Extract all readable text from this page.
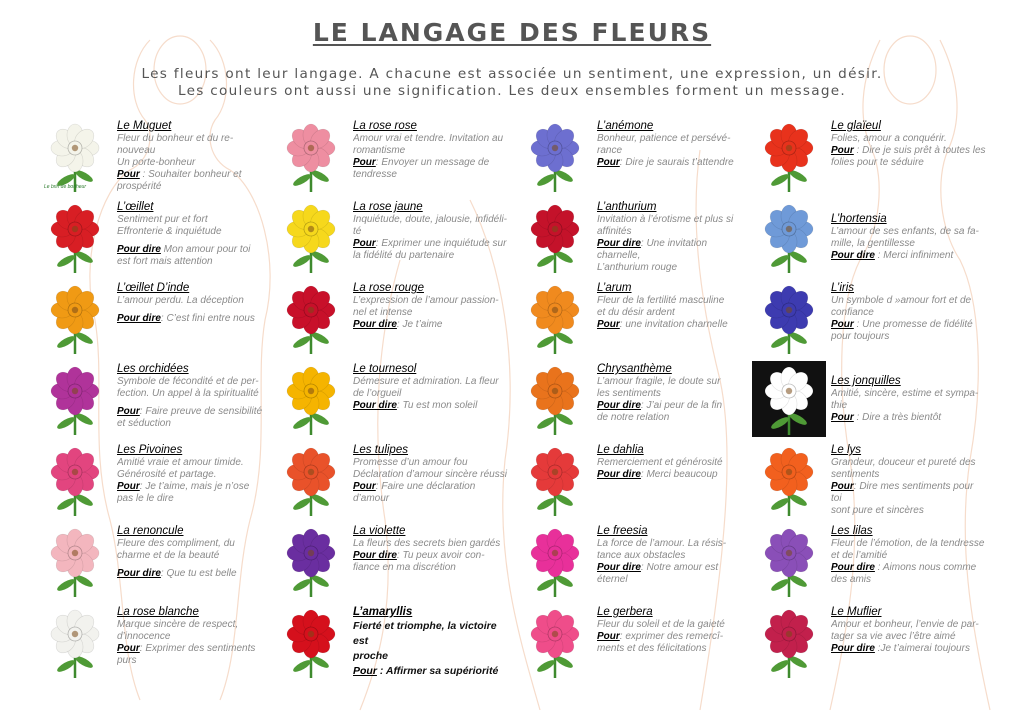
LE LANGAGE DES FLEURS
Les fleurs ont leur langage. A chacune est associée un sentiment, une expression, un désir.
Les couleurs ont aussi une signification. Les deux ensembles forment un message.
Le brin de bonheur
Le Muguet
Fleur du bonheur et du re-
nouveau
Un porte-bonheur
Pour : Souhaiter bonheur et
prospérité
La rose rose
Amour vrai et tendre. Invitation au
romantisme
Pour: Envoyer un message de
tendresse
L’anémone
Bonheur, patience et persévé-
rance
Pour: Dire je saurais t’attendre
Le glaïeul
Folies, amour a conquérir.
Pour : Dire je suis prêt à toutes les
folies pour te séduire
L’œillet
Sentiment pur et fort
Effronterie & inquiétude
Pour dire Mon amour pour toi
est fort mais attention
La rose jaune
Inquiétude, doute, jalousie, infidéli-
té
Pour: Exprimer une inquiétude sur
la fidélité du partenaire
L’anthurium
Invitation à l’érotisme et plus si
affinités
Pour dire: Une invitation charnelle,
L’anthurium rouge
L’hortensia
L’amour de ses enfants, de sa fa-
mille, la gentillesse
Pour dire : Merci infiniment
L’œillet D’inde
L’amour perdu. La déception
Pour dire: C’est fini entre nous
La rose rouge
L’expression de l’amour passion-
nel et intense
Pour dire: Je t’aime
L’arum
Fleur de la fertilité masculine
et du désir ardent
Pour: une invitation charnelle
L’iris
Un symbole d »amour fort et de
confiance
Pour : Une promesse de fidélité
pour toujours
Les orchidées
Symbole de fécondité et de per-
fection. Un appel à la spiritualité
Pour: Faire preuve de sensibilité
et séduction
Le tournesol
Démesure et admiration. La fleur
de l’orgueil
Pour dire: Tu est mon soleil
Chrysanthème
L’amour fragile, le doute sur
les sentiments
Pour dire: J’ai peur de la fin
de notre relation
Les jonquilles
Amitié, sincère, estime et sympa-
thie
Pour : Dire a très bientôt
Les Pivoines
Amitié vraie et amour timide.
Générosité et partage.
Pour: Je t’aime, mais je n’ose
pas le le dire
Les tulipes
Promesse d’un amour fou
Déclaration d’amour sincère réussi
Pour: Faire une déclaration
d’amour
Le dahlia
Remerciement et générosité
Pour dire: Merci beaucoup
Le lys
Grandeur, douceur et pureté des
sentiments
Pour: Dire mes sentiments pour toi
sont pure et sincères
La renoncule
Fleure des compliment, du
charme et de la beauté
Pour dire: Que tu est belle
La violette
La fleurs des secrets bien gardés
Pour dire: Tu peux avoir con-
fiance en ma discrétion
Le freesia
La force de l’amour. La résis-
tance aux obstacles
Pour dire: Notre amour est
éternel
Les lilas
Fleur de l’émotion, de la tendresse
et de l’amitié
Pour dire : Aimons nous comme
des amis
La rose blanche
Marque sincère de respect,
d’innocence
Pour: Exprimer des sentiments
purs
L’amaryllis
Fierté et triomphe, la victoire est
proche
Pour : Affirmer sa supériorité
Le gerbera
Fleur du soleil et de la gaieté
Pour: exprimer des remercî-
ments et des félicitations
Le Muflier
Amour et bonheur, l’envie de par-
tager sa vie avec l’être aimé
Pour dire :Je t’aimerai toujours
